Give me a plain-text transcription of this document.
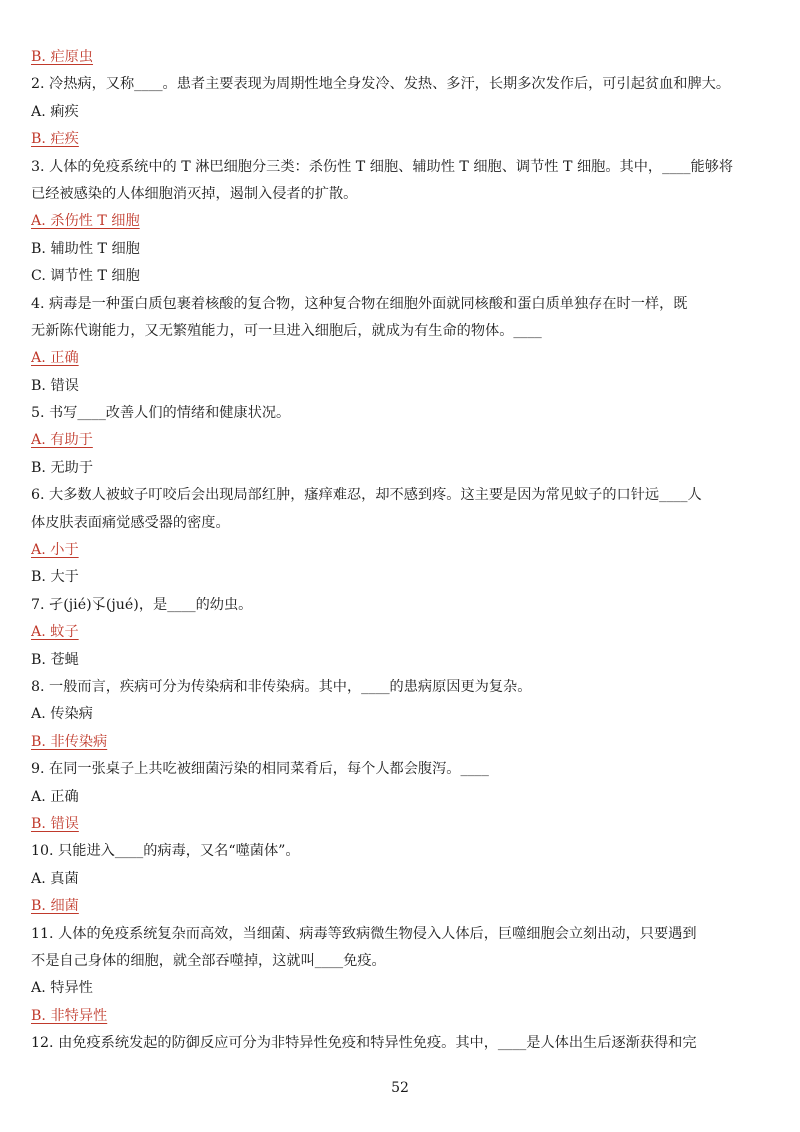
B. 疟原虫
2. 冷热病，又称____。患者主要表现为周期性地全身发冷、发热、多汗，长期多次发作后，可引起贫血和脾大。
A. 痢疾
B. 疟疾
3. 人体的免疫系统中的 T 淋巴细胞分三类：杀伤性 T 细胞、辅助性 T 细胞、调节性 T 细胞。其中，____能够将
已经被感染的人体细胞消灭掉，遏制入侵者的扩散。
A. 杀伤性 T 细胞
B. 辅助性 T 细胞
C. 调节性 T 细胞
4. 病毒是一种蛋白质包裹着核酸的复合物，这种复合物在细胞外面就同核酸和蛋白质单独存在时一样，既
无新陈代谢能力，又无繁殖能力，可一旦进入细胞后，就成为有生命的物体。____
A. 正确
B. 错误
5. 书写____改善人们的情绪和健康状况。
A. 有助于
B. 无助于
6. 大多数人被蚊子叮咬后会出现局部红肿，瘙痒难忍，却不感到疼。这主要是因为常见蚊子的口针远____人
体皮肤表面痛觉感受器的密度。
A. 小于
B. 大于
7. 孑(jié)孓(jué)，是____的幼虫。
A. 蚊子
B. 苍蝇
8. 一般而言，疾病可分为传染病和非传染病。其中，____的患病原因更为复杂。
A. 传染病
B. 非传染病
9. 在同一张桌子上共吃被细菌污染的相同菜肴后，每个人都会腹泻。____
A. 正确
B. 错误
10. 只能进入____的病毒，又名“噬菌体”。
A. 真菌
B. 细菌
11. 人体的免疫系统复杂而高效，当细菌、病毒等致病微生物侵入人体后，巨噬细胞会立刻出动，只要遇到
不是自己身体的细胞，就全部吞噬掉，这就叫____免疫。
A. 特异性
B. 非特异性
12. 由免疫系统发起的防御反应可分为非特异性免疫和特异性免疫。其中，____是人体出生后逐渐获得和完
52
